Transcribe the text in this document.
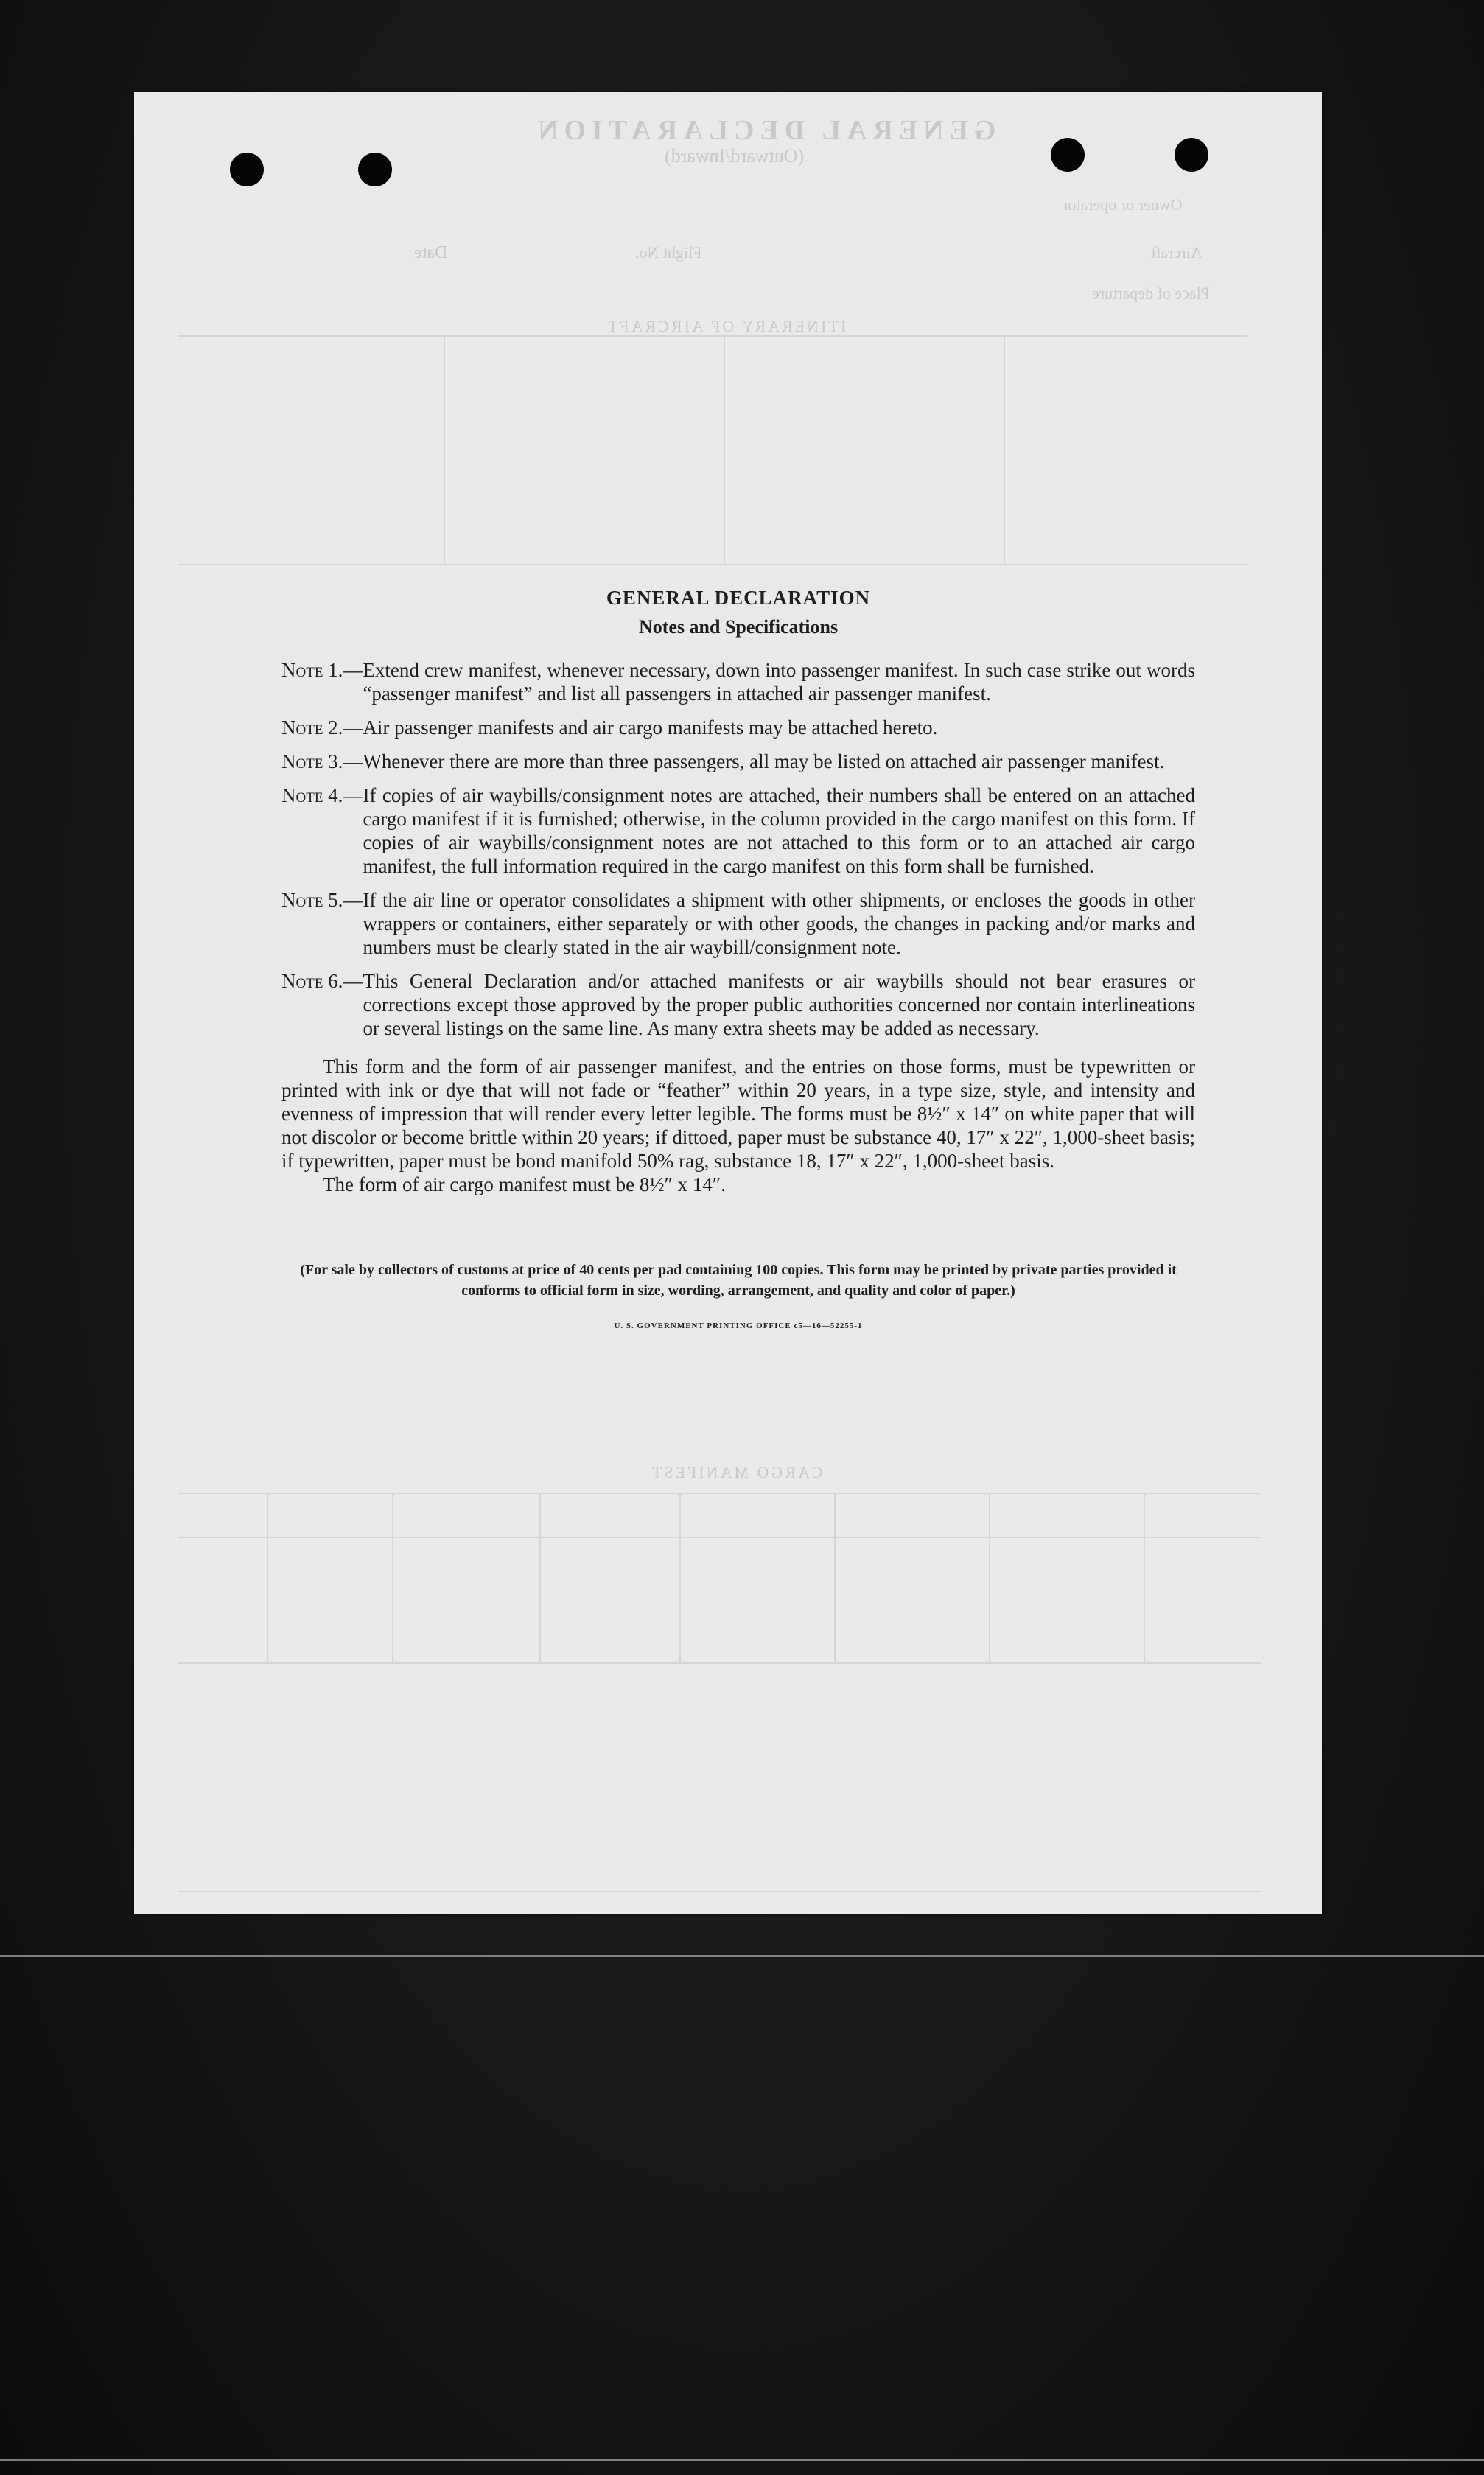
GENERAL DECLARATION
(Outward/Inward)
Owner or operator
Aircraft
Flight No.
Date
Place of departure
ITINERARY OF AIRCRAFT
CARGO MANIFEST
GENERAL DECLARATION
Notes and Specifications
Note 1.— Extend crew manifest, whenever necessary, down into passenger manifest. In such case strike out words “passenger manifest” and list all passengers in attached air passenger manifest.
Note 2.— Air passenger manifests and air cargo manifests may be attached hereto.
Note 3.— Whenever there are more than three passengers, all may be listed on attached air passenger manifest.
Note 4.— If copies of air waybills/consignment notes are attached, their numbers shall be entered on an attached cargo manifest if it is furnished; otherwise, in the column provided in the cargo manifest on this form. If copies of air waybills/consignment notes are not attached to this form or to an attached air cargo manifest, the full information required in the cargo manifest on this form shall be furnished.
Note 5.— If the air line or operator consolidates a shipment with other shipments, or encloses the goods in other wrappers or containers, either separately or with other goods, the changes in packing and/or marks and numbers must be clearly stated in the air waybill/consignment note.
Note 6.— This General Declaration and/or attached manifests or air waybills should not bear erasures or corrections except those approved by the proper public authorities concerned nor contain interlineations or several listings on the same line. As many extra sheets may be added as necessary.
This form and the form of air passenger manifest, and the entries on those forms, must be typewritten or printed with ink or dye that will not fade or “feather” within 20 years, in a type size, style, and intensity and evenness of impression that will render every letter legible. The forms must be 8½″ x 14″ on white paper that will not discolor or become brittle within 20 years; if dittoed, paper must be substance 40, 17″ x 22″, 1,000-sheet basis; if typewritten, paper must be bond manifold 50% rag, substance 18, 17″ x 22″, 1,000-sheet basis.
The form of air cargo manifest must be 8½″ x 14″.
(For sale by collectors of customs at price of 40 cents per pad containing 100 copies. This form may be printed by private parties provided it conforms to official form in size, wording, arrangement, and quality and color of paper.)
U. S. GOVERNMENT PRINTING OFFICE c5—16—52255-1
